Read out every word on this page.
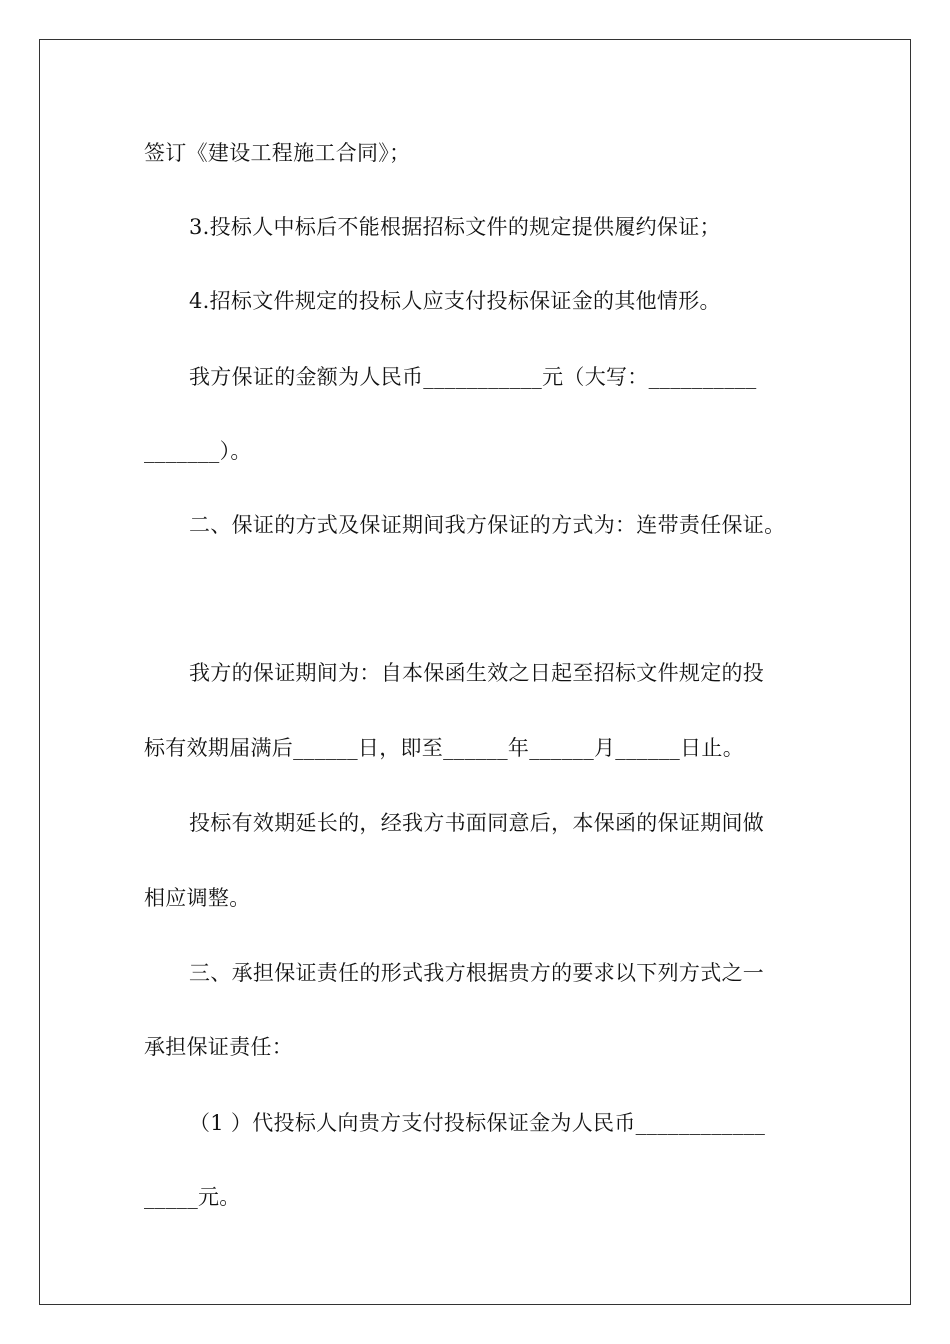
签订《建设工程施工合同》；
3.投标人中标后不能根据招标文件的规定提供履约保证；
4.招标文件规定的投标人应支付投标保证金的其他情形。
我方保证的金额为人民币___________元（大写：__________
_______）。
二、保证的方式及保证期间我方保证的方式为：连带责任保证。
我方的保证期间为：自本保函生效之日起至招标文件规定的投
标有效期届满后______日，即至______年______月______日止。
投标有效期延长的，经我方书面同意后，本保函的保证期间做
相应调整。
三、承担保证责任的形式我方根据贵方的要求以下列方式之一
承担保证责任：
（1 ）代投标人向贵方支付投标保证金为人民币____________
_____元。
